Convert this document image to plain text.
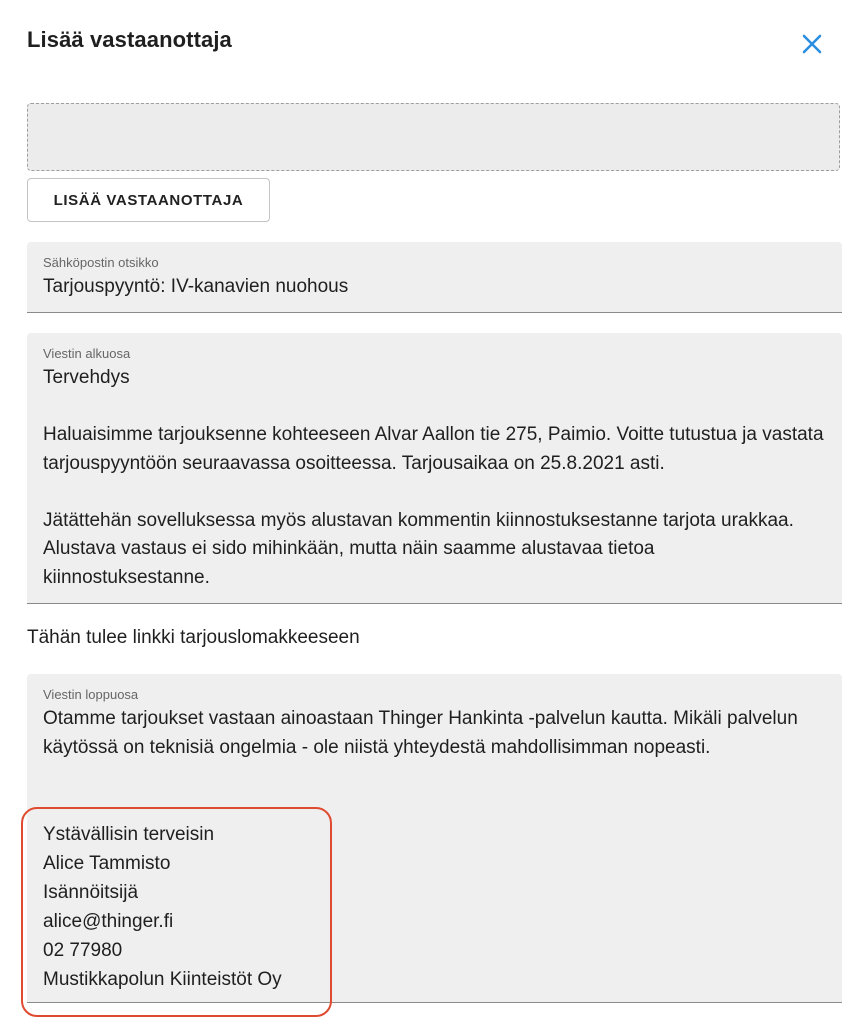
Lisää vastaanottaja
LISÄÄ VASTAANOTTAJA
Sähköpostin otsikko
Tarjouspyyntö: IV-kanavien nuohous
Viestin alkuosa
Tervehdys

Haluaisimme tarjouksenne kohteeseen Alvar Aallon tie 275, Paimio. Voitte tutustua ja vastata tarjouspyyntöön seuraavassa osoitteessa. Tarjousaikaa on 25.8.2021 asti.

Jätättehän sovelluksessa myös alustavan kommentin kiinnostuksestanne tarjota urakkaa. Alustava vastaus ei sido mihinkään, mutta näin saamme alustavaa tietoa kiinnostuksestanne.
Tähän tulee linkki tarjouslomakkeeseen
Viestin loppuosa
Otamme tarjoukset vastaan ainoastaan Thinger Hankinta -palvelun kautta. Mikäli palvelun käytössä on teknisiä ongelmia - ole niistä yhteydestä mahdollisimman nopeasti.
Ystävällisin terveisin
Alice Tammisto
Isännöitsijä
alice@thinger.fi
02 77980
Mustikkapolun Kiinteistöt Oy
